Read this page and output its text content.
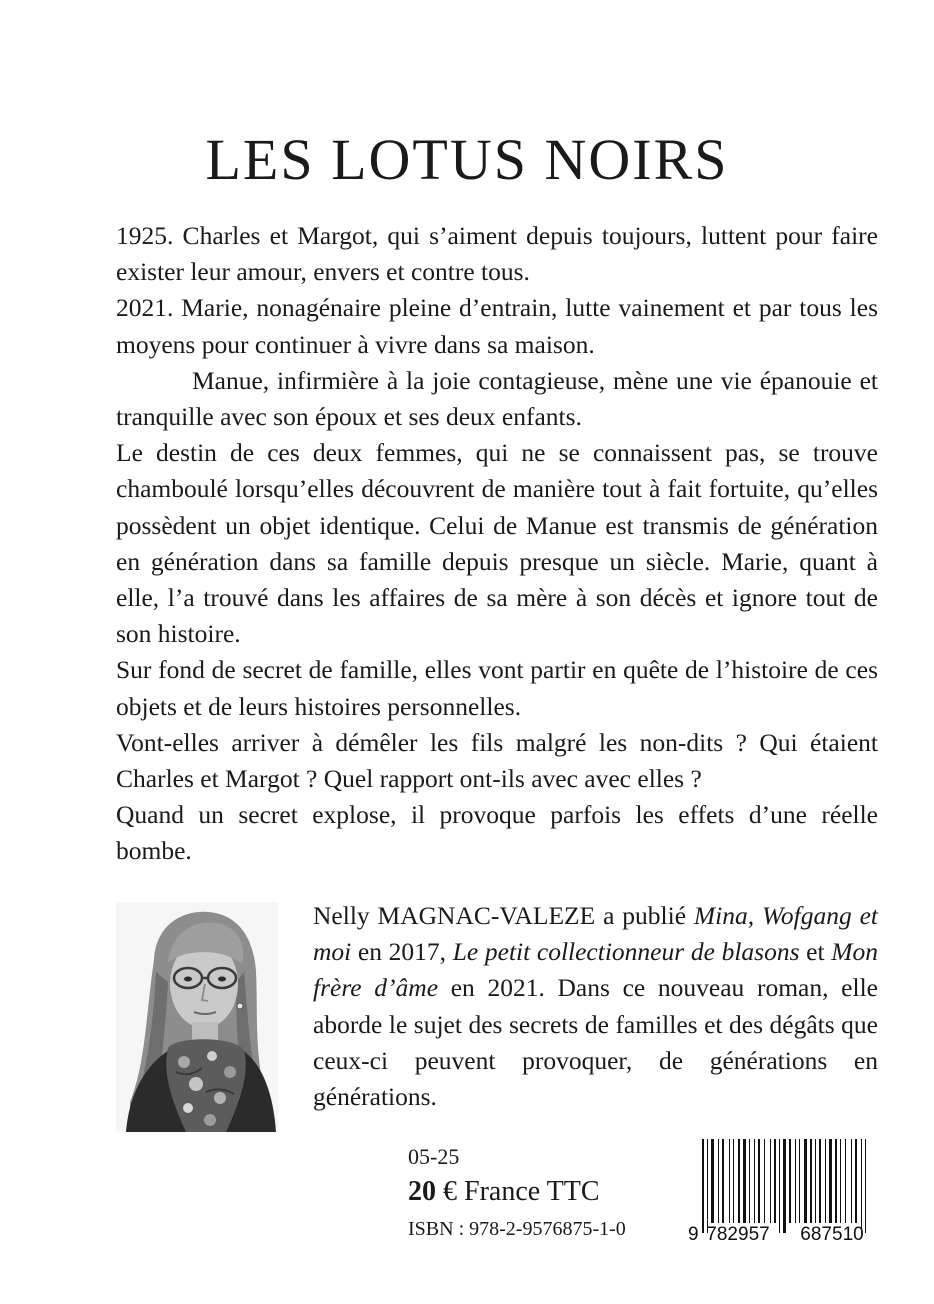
LES LOTUS NOIRS

1925. Charles et Margot, qui s’aiment depuis toujours, luttent pour faire exister leur amour, envers et contre tous.

2021. Marie, nonagénaire pleine d’entrain, lutte vainement et par tous les moyens pour continuer à vivre dans sa maison.

Manue, infirmière à la joie contagieuse, mène une vie épanouie et tranquille avec son époux et ses deux enfants.

Le destin de ces deux femmes, qui ne se connaissent pas, se trouve chamboulé lorsqu’elles découvrent de manière tout à fait fortuite, qu’elles possèdent un objet identique. Celui de Manue est transmis de génération en génération dans sa famille depuis presque un siècle. Marie, quant à elle, l’a trouvé dans les affaires de sa mère à son décès et ignore tout de son histoire.

Sur fond de secret de famille, elles vont partir en quête de l’histoire de ces objets et de leurs histoires personnelles.

Vont-elles arriver à démêler les fils malgré les non-dits ? Qui étaient Charles et Margot ? Quel rapport ont-ils avec avec elles ?

Quand un secret explose, il provoque parfois les effets d’une réelle bombe.

Nelly MAGNAC-VALEZE a publié Mina, Wofgang et moi en 2017, Le petit collectionneur de blasons et Mon frère d’âme en 2021. Dans ce nouveau roman, elle aborde le sujet des secrets de familles et des dégâts que ceux-ci peuvent provoquer, de générations en générations.

05-25
20 € France TTC
ISBN : 978-2-9576875-1-0	9 782957 687510
